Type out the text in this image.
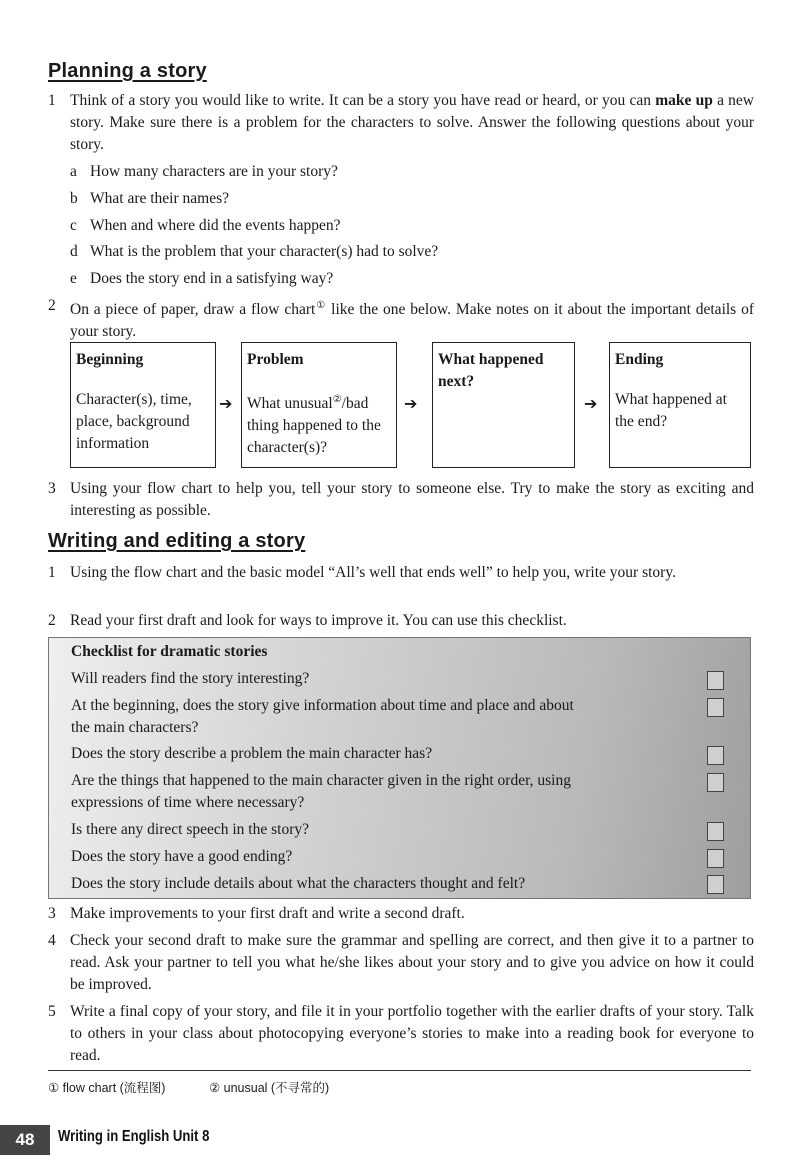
Planning a story
1 Think of a story you would like to write. It can be a story you have read or heard, or you can make up a new story. Make sure there is a problem for the characters to solve. Answer the following questions about your story.
a How many characters are in your story?
b What are their names?
c When and where did the events happen?
d What is the problem that your character(s) had to solve?
e Does the story end in a satisfying way?
2 On a piece of paper, draw a flow chart① like the one below. Make notes on it about the important details of your story.
Beginning
Character(s), time, place, background information
➔
Problem
What unusual②/bad thing happened to the character(s)?
➔
What happened next?
➔
Ending
What happened at the end?
3 Using your flow chart to help you, tell your story to someone else. Try to make the story as exciting and interesting as possible.
Writing and editing a story
1 Using the flow chart and the basic model “All’s well that ends well” to help you, write your story.
2 Read your first draft and look for ways to improve it. You can use this checklist.
Checklist for dramatic stories
Will readers find the story interesting?
At the beginning, does the story give information about time and place and about the main characters?
Does the story describe a problem the main character has?
Are the things that happened to the main character given in the right order, using expressions of time where necessary?
Is there any direct speech in the story?
Does the story have a good ending?
Does the story include details about what the characters thought and felt?
3 Make improvements to your first draft and write a second draft.
4 Check your second draft to make sure the grammar and spelling are correct, and then give it to a partner to read. Ask your partner to tell you what he/she likes about your story and to give you advice on how it could be improved.
5 Write a final copy of your story, and file it in your portfolio together with the earlier drafts of your story. Talk to others in your class about photocopying everyone’s stories to make into a reading book for everyone to read.
① flow chart (流程图)	② unusual (不寻常的)
48	Writing in English Unit 8
